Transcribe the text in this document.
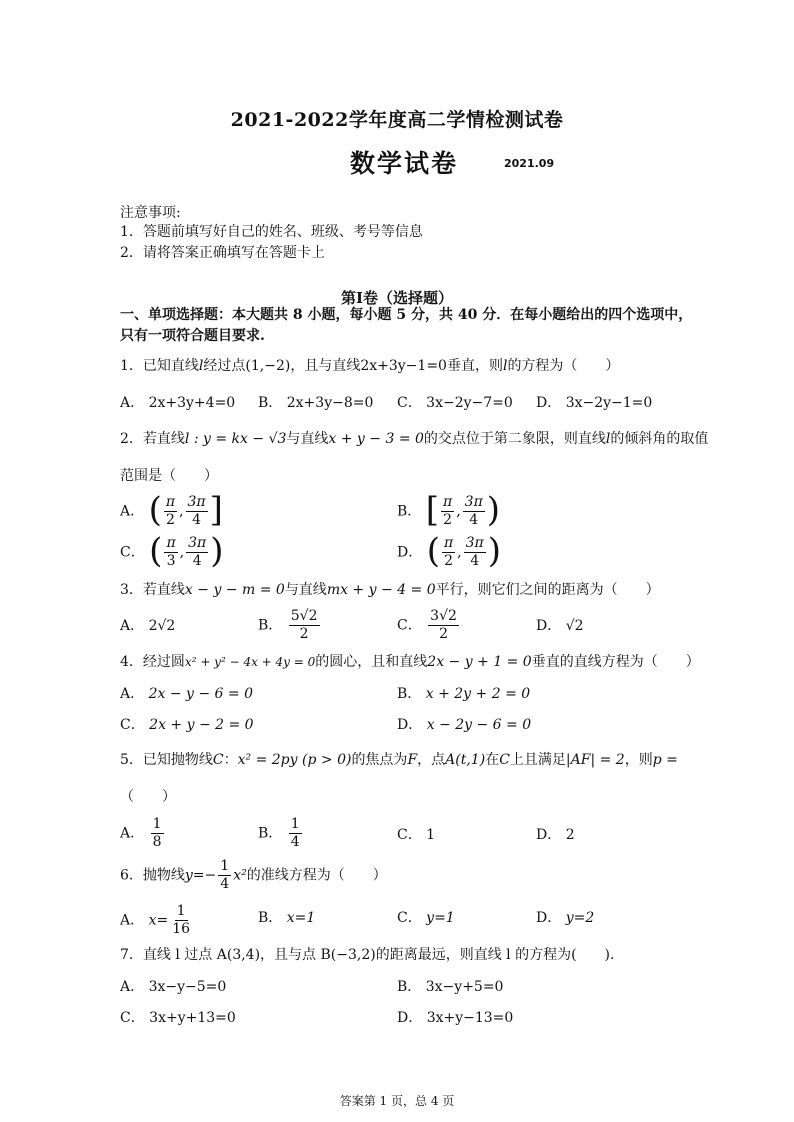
2021-2022学年度高二学情检测试卷
数学试卷	2021.09
注意事项:
1．答题前填写好自己的姓名、班级、考号等信息
2．请将答案正确填写在答题卡上
第I卷（选择题）
一、单项选择题：本大题共 8 小题，每小题 5 分，共 40 分．在每小题给出的四个选项中，
只有一项符合题目要求.
1．已知直线l经过点(1,−2)，且与直线2x+3y−1=0垂直，则l的方程为（　　）
A． 2x+3y+4=0 B． 2x+3y−8=0 C． 3x−2y−7=0 D． 3x−2y−1=0
2．若直线l : y = kx − √3与直线x + y − 3 = 0的交点位于第二象限，则直线l的倾斜角的取值
范围是（　　）
A． ( $\frac{\pi}{2}$ , $\frac{3\pi}{4}$ ]	B． [ $\frac{\pi}{2}$ , $\frac{3\pi}{4}$ )
C． ( $\frac{\pi}{3}$ , $\frac{3\pi}{4}$ )	D． ( $\frac{\pi}{2}$ , $\frac{3\pi}{4}$ )
3．若直线x − y − m = 0与直线mx + y − 4 = 0平行，则它们之间的距离为（　　）
A． 2√2	B． $\frac{5√2}{2}$	C． $\frac{3√2}{2}$	D． √2
4．经过圆x² + y² − 4x + 4y = 0的圆心，且和直线2x − y + 1 = 0垂直的直线方程为（　　）
A． 2x − y − 6 = 0	B． x + 2y + 2 = 0
C． 2x + y − 2 = 0	D． x − 2y − 6 = 0
5．已知抛物线C：x² = 2py (p > 0)的焦点为F，点A(t,1)在C上且满足|AF| = 2，则p =
（　　）
A． $\frac{1}{8}$	B． $\frac{1}{4}$	C． 1	D． 2
6．抛物线$y=- \frac{1}{4} x^2$的准线方程为（　　）
A． $x= \frac{1}{16}$	B． x=1	C． y=1	D． y=2
7．直线 l 过点 A(3,4)，且与点 B(−3,2)的距离最远，则直线 l 的方程为(　　)．
A． 3x−y−5=0	B． 3x−y+5=0
C． 3x+y+13=0	D． 3x+y−13=0
答案第 1 页，总 4 页
